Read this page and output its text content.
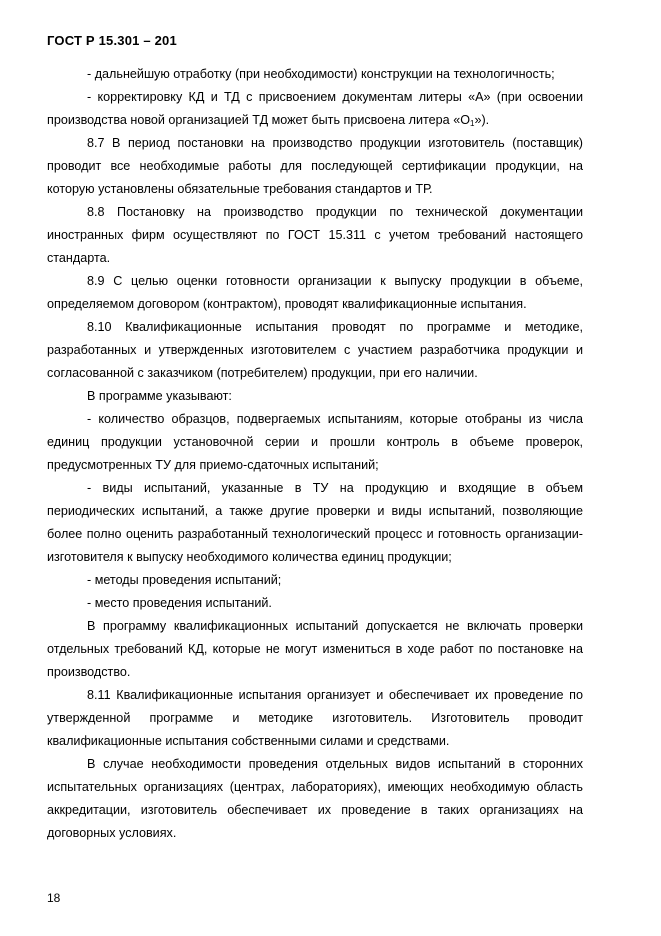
ГОСТ Р 15.301 – 201

- дальнейшую отработку (при необходимости) конструкции на технологичность;

- корректировку КД и ТД с присвоением документам литеры «А» (при освоении производства новой организацией ТД может быть присвоена литера «$О_1$»).

8.7 В период постановки на производство продукции изготовитель (поставщик) проводит все необходимые работы для последующей сертификации продукции, на которую установлены обязательные требования стандартов и ТР.

8.8 Постановку на производство продукции по технической документации иностранных фирм осуществляют по ГОСТ 15.311 с учетом требований настоящего стандарта.

8.9 С целью оценки готовности организации к выпуску продукции в объеме, определяемом договором (контрактом), проводят квалификационные испытания.

8.10 Квалификационные испытания проводят по программе и методике, разработанных и утвержденных изготовителем с участием разработчика продукции и согласованной с заказчиком (потребителем) продукции, при его наличии.

В программе указывают:

- количество образцов, подвергаемых испытаниям, которые отобраны из числа единиц продукции установочной серии и прошли контроль в объеме проверок, предусмотренных ТУ для приемо-сдаточных испытаний;

- виды испытаний, указанные в ТУ на продукцию и входящие в объем периодических испытаний, а также другие проверки и виды испытаний, позволяющие более полно оценить разработанный технологический процесс и готовность организации-изготовителя к выпуску необходимого количества единиц продукции;

- методы проведения испытаний;

- место проведения испытаний.

В программу квалификационных испытаний допускается не включать проверки отдельных требований КД, которые не могут измениться в ходе работ по постановке на производство.

8.11 Квалификационные испытания организует и обеспечивает их проведение по утвержденной программе и методике изготовитель. Изготовитель проводит квалификационные испытания собственными силами и средствами.

В случае необходимости проведения отдельных видов испытаний в сторонних испытательных организациях (центрах, лабораториях), имеющих необходимую область аккредитации, изготовитель обеспечивает их проведение в таких организациях на договорных условиях.

18
